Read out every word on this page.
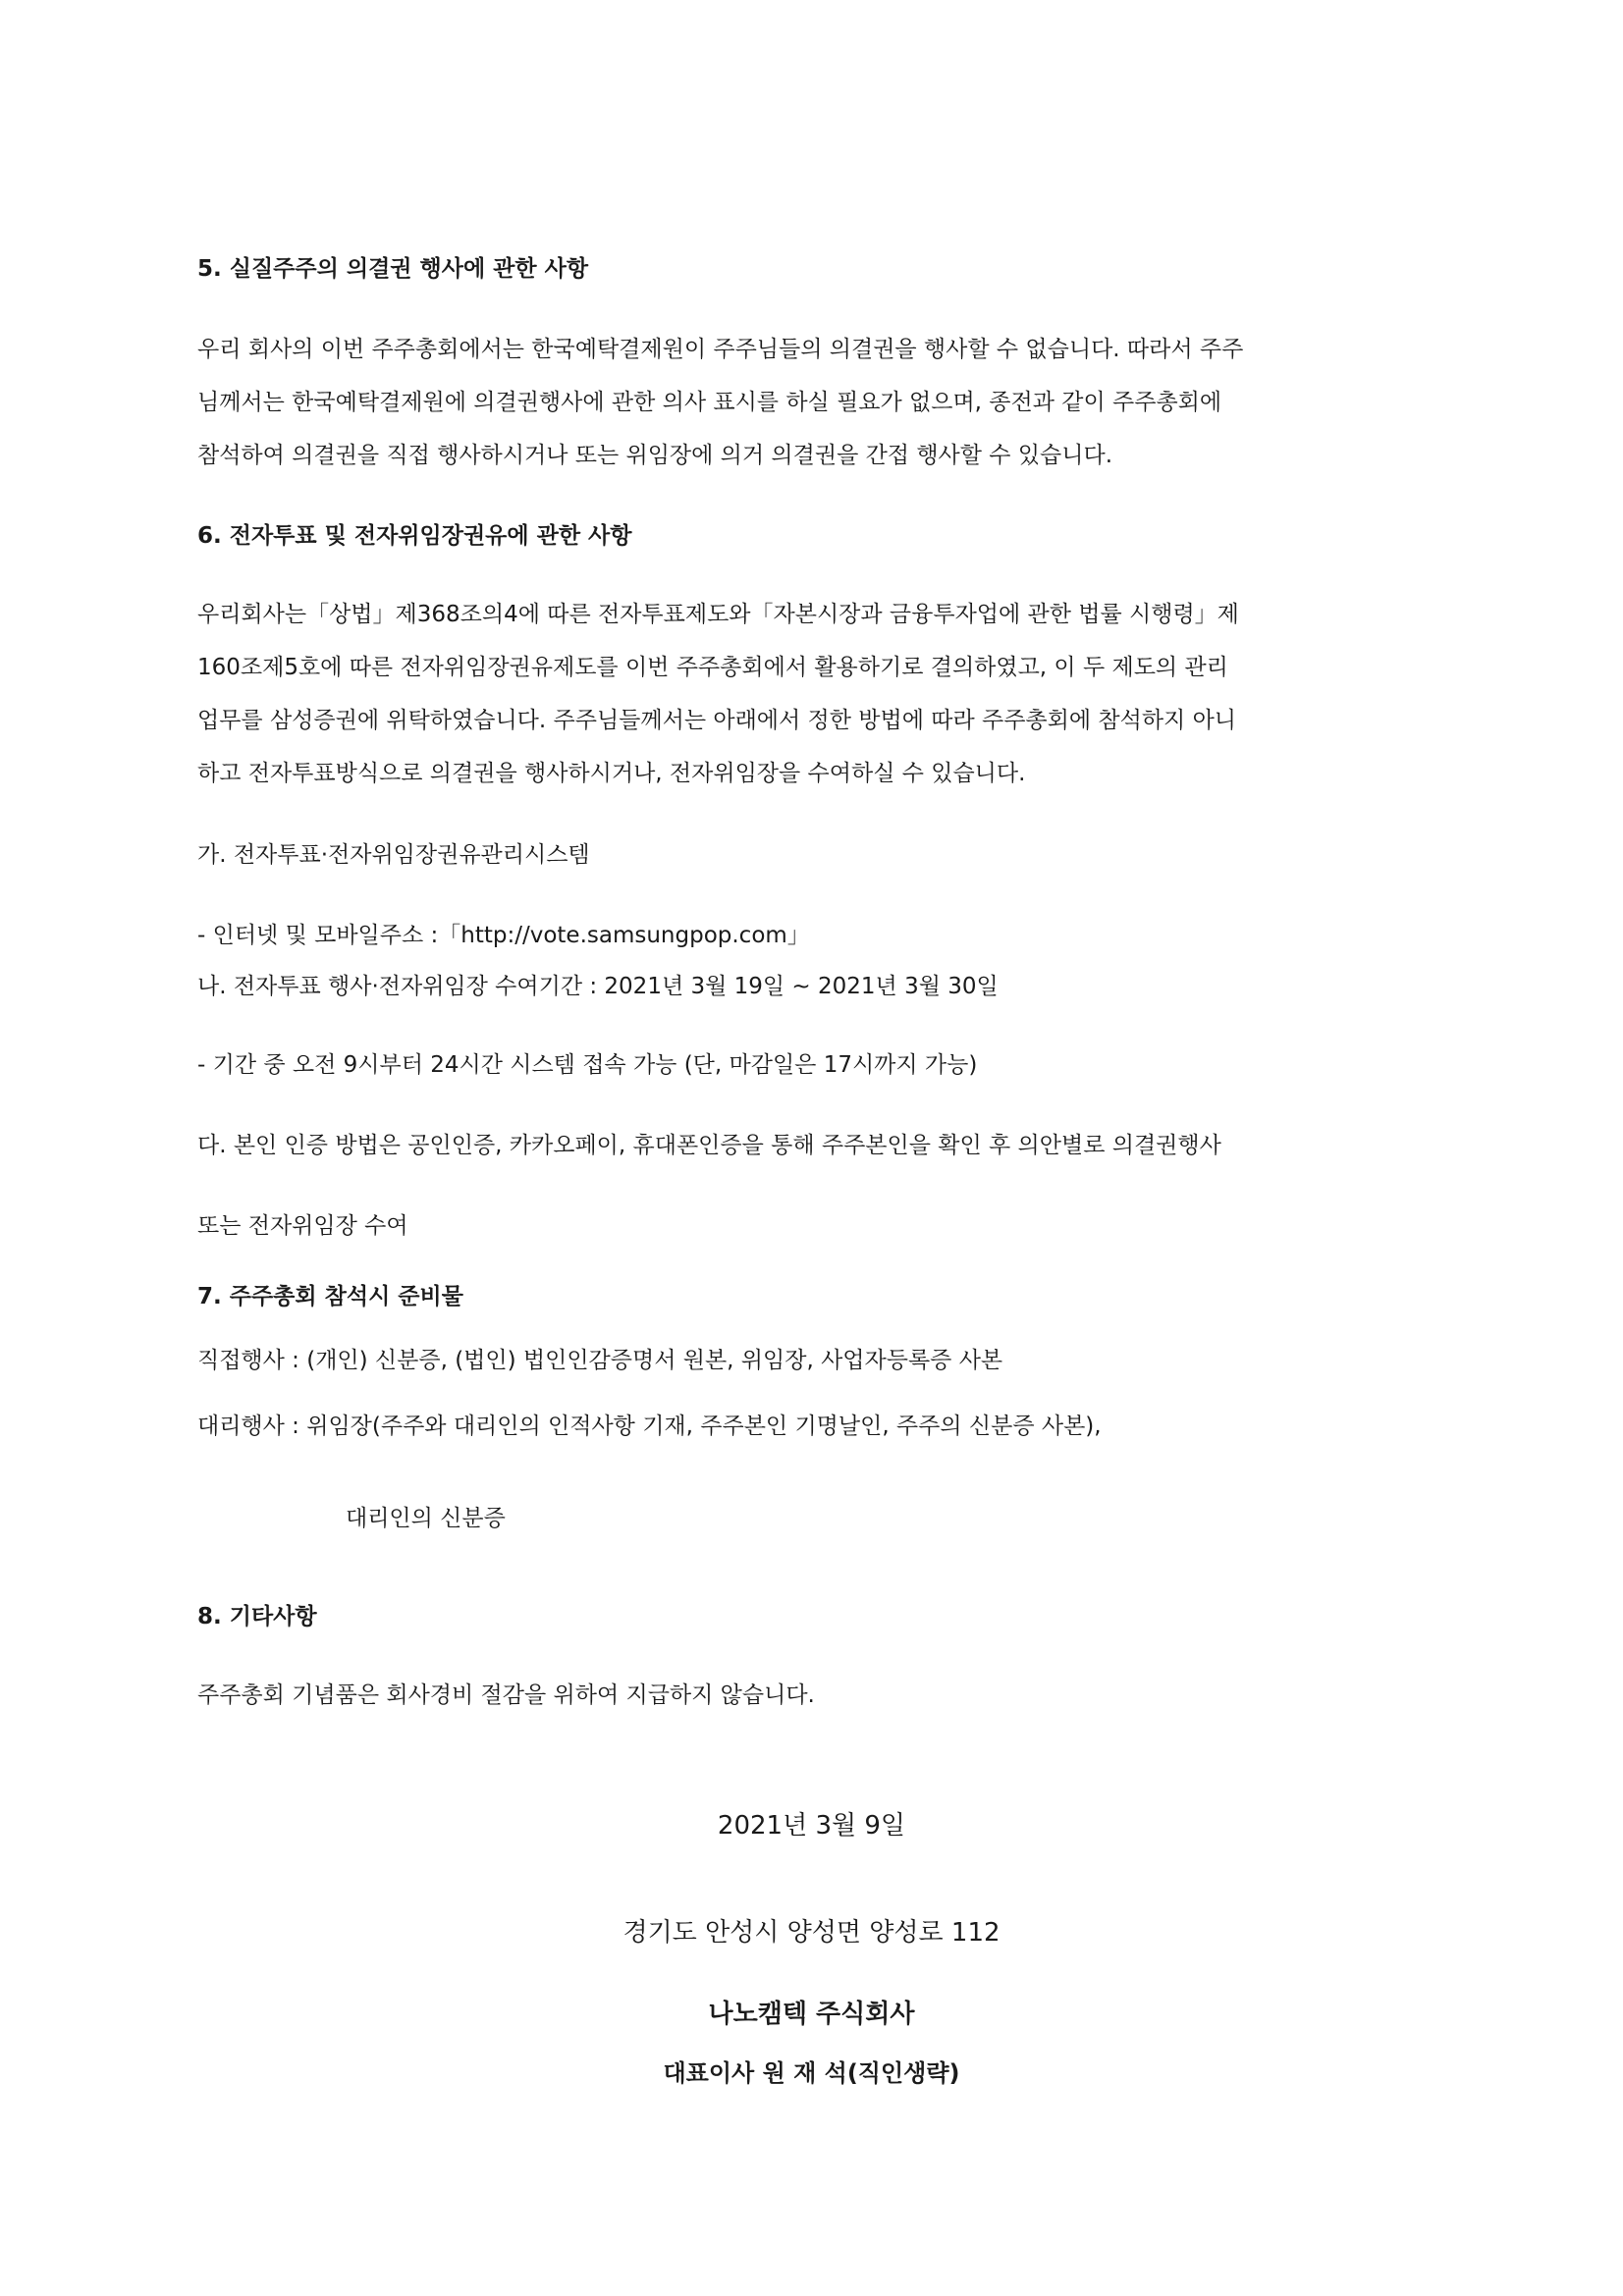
5. 실질주주의 의결권 행사에 관한 사항

우리 회사의 이번 주주총회에서는 한국예탁결제원이 주주님들의 의결권을 행사할 수 없습니다. 따라서 주주

님께서는 한국예탁결제원에 의결권행사에 관한 의사 표시를 하실 필요가 없으며, 종전과 같이 주주총회에

참석하여 의결권을 직접 행사하시거나 또는 위임장에 의거 의결권을 간접 행사할 수 있습니다.

6. 전자투표 및 전자위임장권유에 관한 사항

우리회사는「상법」제368조의4에 따른 전자투표제도와「자본시장과 금융투자업에 관한 법률 시행령」제

160조제5호에 따른 전자위임장권유제도를 이번 주주총회에서 활용하기로 결의하였고, 이 두 제도의 관리

업무를 삼성증권에 위탁하였습니다. 주주님들께서는 아래에서 정한 방법에 따라 주주총회에 참석하지 아니

하고 전자투표방식으로 의결권을 행사하시거나, 전자위임장을 수여하실 수 있습니다.

가. 전자투표·전자위임장권유관리시스템

- 인터넷 및 모바일주소 :「http://vote.samsungpop.com」

나. 전자투표 행사·전자위임장 수여기간 : 2021년 3월 19일 ~ 2021년 3월 30일

- 기간 중 오전 9시부터 24시간 시스템 접속 가능 (단, 마감일은 17시까지 가능)

다. 본인 인증 방법은 공인인증, 카카오페이, 휴대폰인증을 통해 주주본인을 확인 후 의안별로 의결권행사

또는 전자위임장 수여

7. 주주총회 참석시 준비물

직접행사 : (개인) 신분증, (법인) 법인인감증명서 원본, 위임장, 사업자등록증 사본

대리행사 : 위임장(주주와 대리인의 인적사항 기재, 주주본인 기명날인, 주주의 신분증 사본),

대리인의 신분증

8. 기타사항

주주총회 기념품은 회사경비 절감을 위하여 지급하지 않습니다.

2021년 3월 9일

경기도 안성시 양성면 양성로 112

나노캠텍 주식회사

대표이사 원 재 석(직인생략)
